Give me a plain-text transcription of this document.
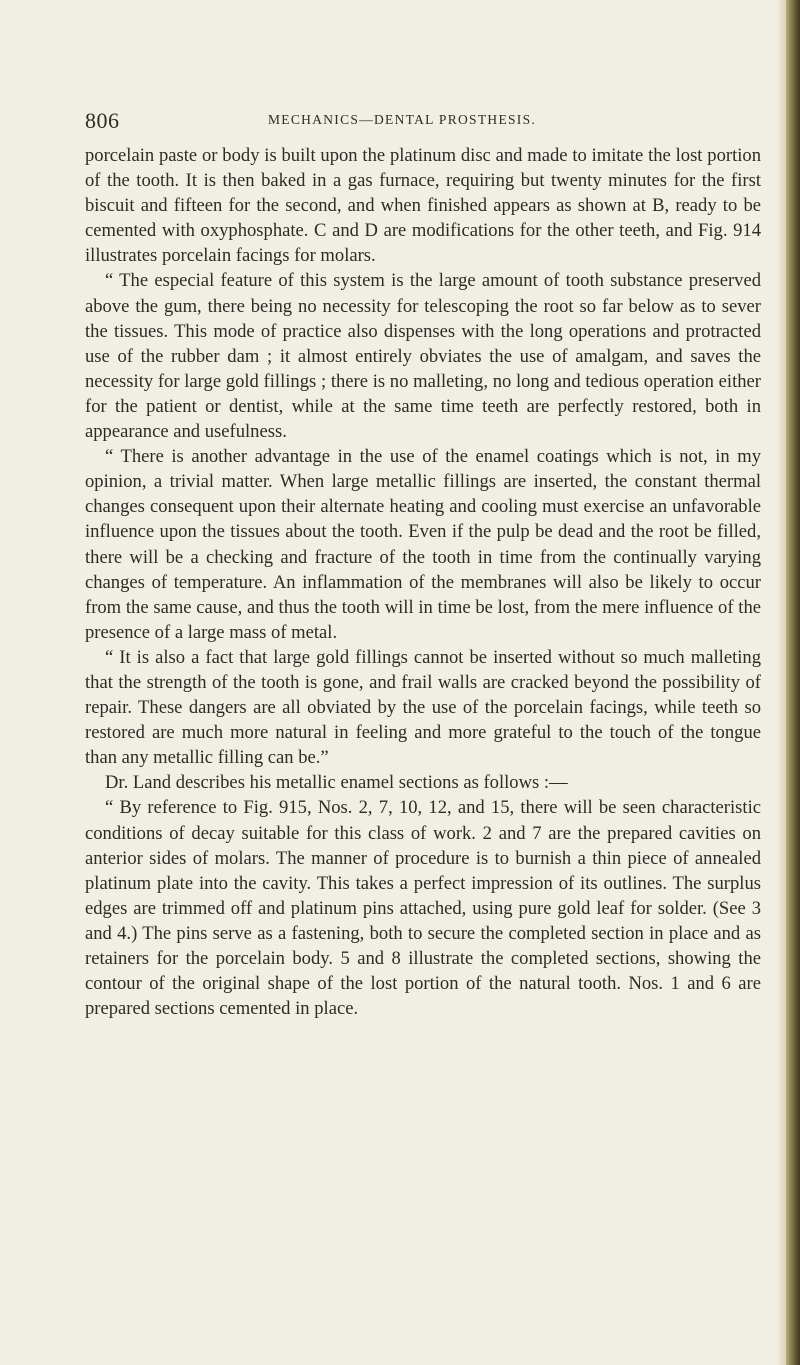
806	MECHANICS—DENTAL PROSTHESIS.

porcelain paste or body is built upon the platinum disc and made to imitate the lost portion of the tooth. It is then baked in a gas furnace, requiring but twenty minutes for the first biscuit and fifteen for the second, and when finished appears as shown at B, ready to be cemented with oxyphosphate. C and D are modifications for the other teeth, and Fig. 914 illustrates porcelain facings for molars.

“ The especial feature of this system is the large amount of tooth substance preserved above the gum, there being no necessity for telescoping the root so far below as to sever the tissues. This mode of practice also dispenses with the long operations and protracted use of the rubber dam ; it almost entirely obviates the use of amalgam, and saves the necessity for large gold fillings ; there is no malleting, no long and tedious operation either for the patient or dentist, while at the same time teeth are perfectly restored, both in appearance and usefulness.

“ There is another advantage in the use of the enamel coatings which is not, in my opinion, a trivial matter. When large metallic fillings are inserted, the constant thermal changes consequent upon their alternate heating and cooling must exercise an unfavorable influence upon the tissues about the tooth. Even if the pulp be dead and the root be filled, there will be a checking and fracture of the tooth in time from the continually varying changes of temperature. An inflammation of the membranes will also be likely to occur from the same cause, and thus the tooth will in time be lost, from the mere influence of the presence of a large mass of metal.

“ It is also a fact that large gold fillings cannot be inserted without so much malleting that the strength of the tooth is gone, and frail walls are cracked beyond the possibility of repair. These dangers are all obviated by the use of the porcelain facings, while teeth so restored are much more natural in feeling and more grateful to the touch of the tongue than any metallic filling can be.”

Dr. Land describes his metallic enamel sections as follows :—

“ By reference to Fig. 915, Nos. 2, 7, 10, 12, and 15, there will be seen characteristic conditions of decay suitable for this class of work. 2 and 7 are the prepared cavities on anterior sides of molars. The manner of procedure is to burnish a thin piece of annealed platinum plate into the cavity. This takes a perfect impression of its outlines. The surplus edges are trimmed off and platinum pins attached, using pure gold leaf for solder. (See 3 and 4.) The pins serve as a fastening, both to secure the completed section in place and as retainers for the porcelain body. 5 and 8 illustrate the completed sections, showing the contour of the original shape of the lost portion of the natural tooth. Nos. 1 and 6 are prepared sections cemented in place.
